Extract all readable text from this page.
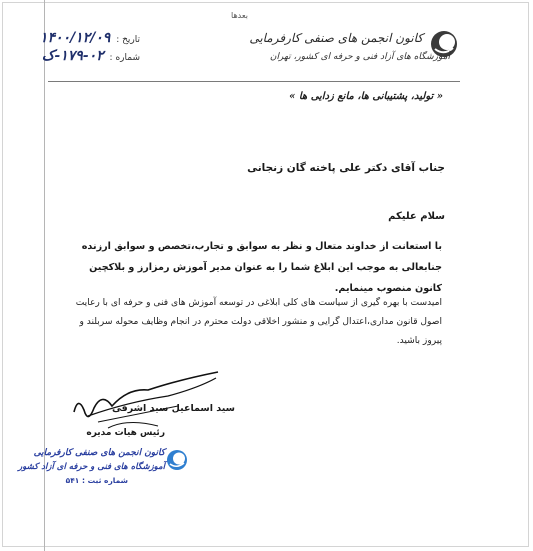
بعدها
کانون انجمن های صنفی کارفرمایی
آموزشگاه های آزاد فنی و حرفه ای کشور، تهران
تاریخ : ۱۴۰۰/۱۲/۰۹
شماره : ۱۷۹-۰۲-ک
« تولید، پشتیبانی ها، مانع زدایی ها »
جناب آقای دکتر علی پاخته گان زنجانی
سلام علیکم
با استعانت از خداوند متعال و نظر به سوابق و تجارب،تخصص و سوابق ارزنده جنابعالی به موجب این ابلاغ شما را به عنوان مدیر آموزش رمزارز و بلاکچین کانون منصوب مینمایم.
امیدست با بهره گیری از سیاست های کلی ابلاغی در توسعه آموزش های فنی و حرفه ای با رعایت اصول قانون مداری،اعتدال گرایی و منشور اخلاقی دولت محترم در انجام وظایف محوله سربلند و پیروز باشید.
سید اسماعیل سید اشرفی
رئیس هیات مدیره
کانون انجمن های صنفی کارفرمایی
آموزشگاه های فنی و حرفه ای آزاد کشور
شماره ثبت : ۵۴۱
